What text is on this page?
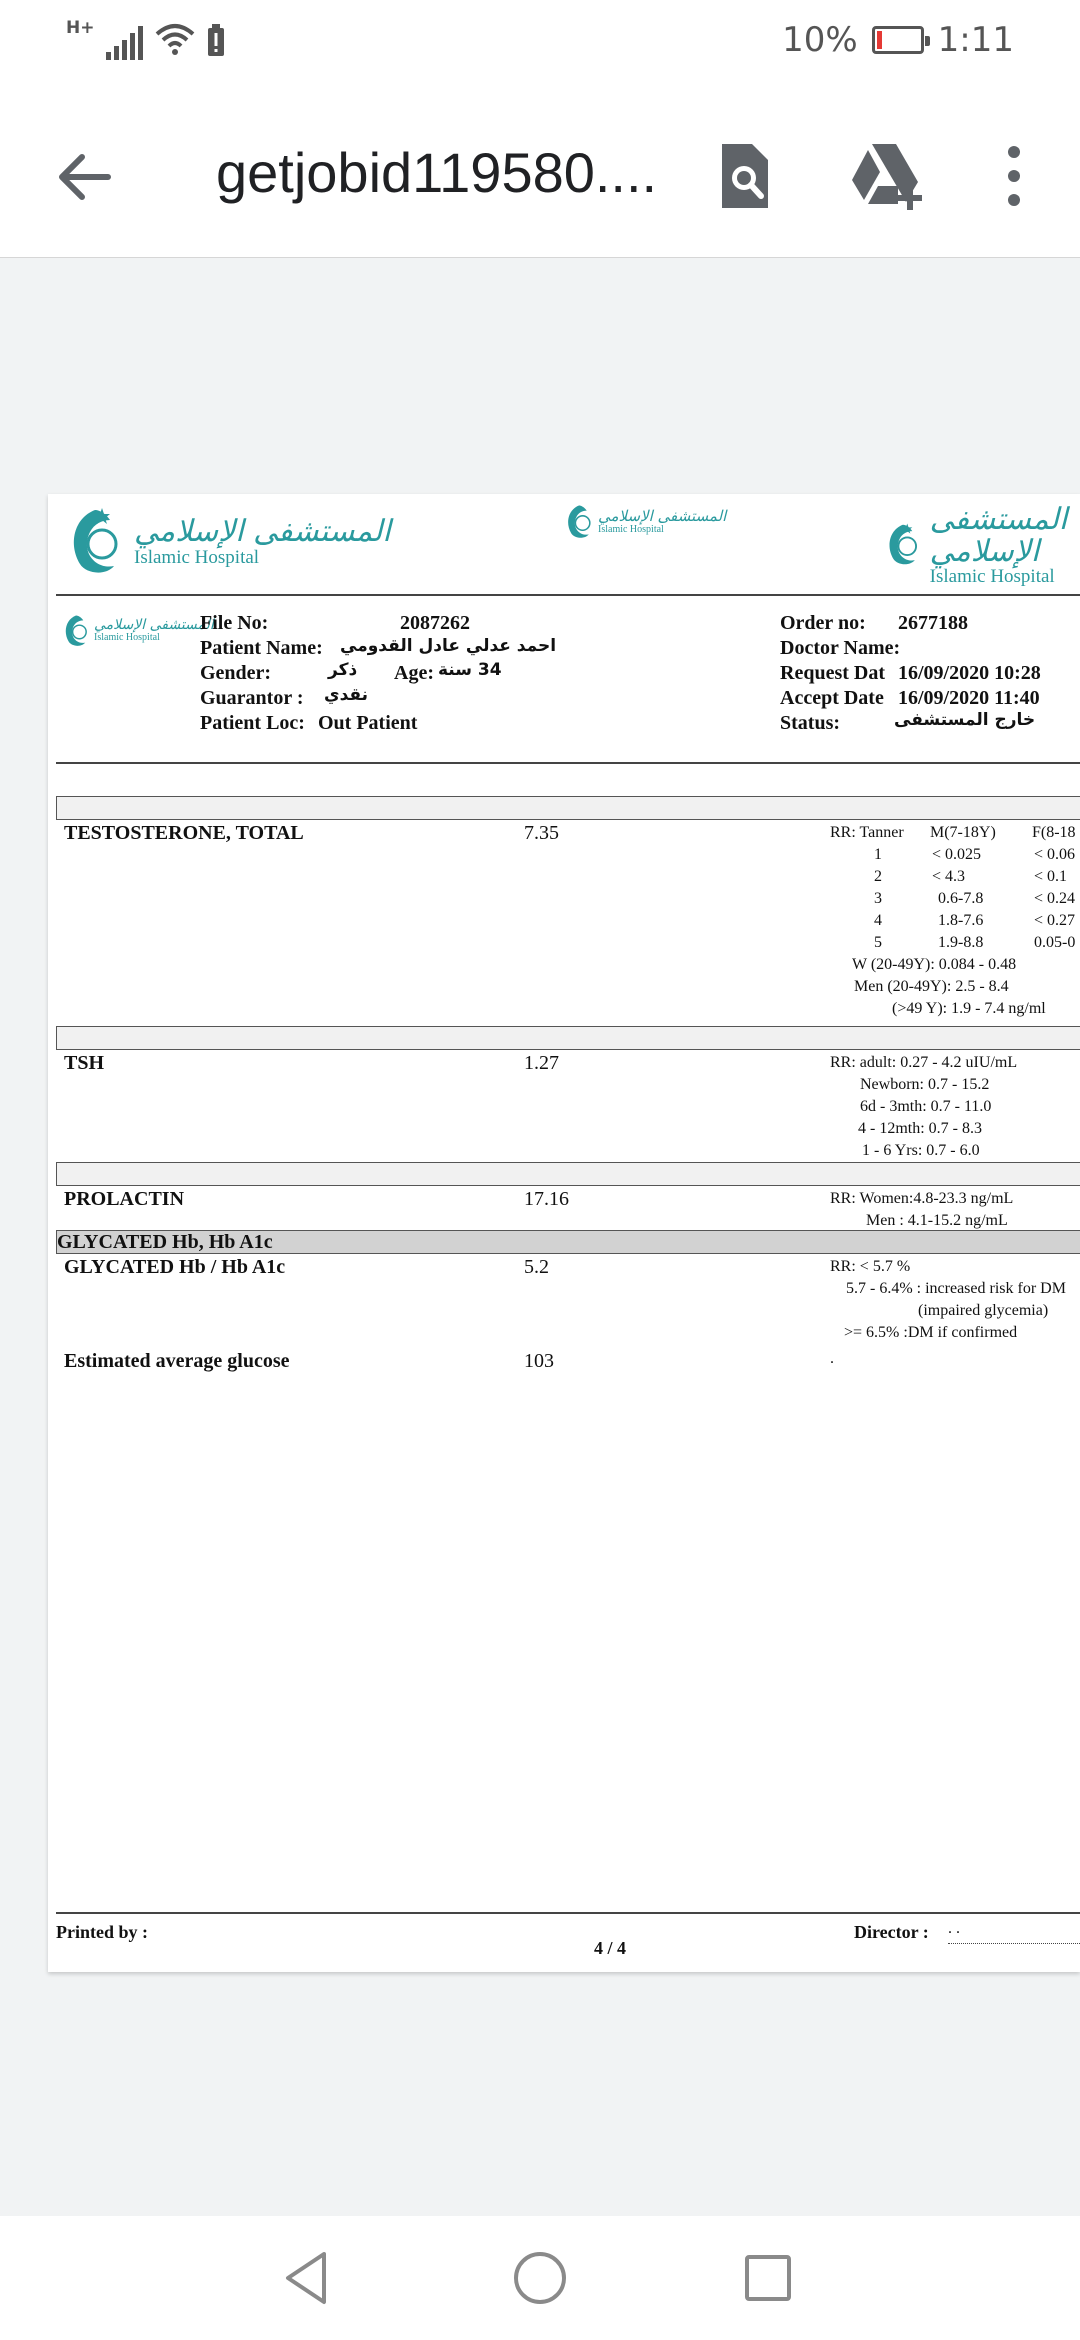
H+	10% 1:11
getjobid119580....
المستشفى الإسلامي
Islamic Hospital
المستشفى الإسلامي
Islamic Hospital	المستشفى الإسلامي
Islamic Hospital
المستشفى الإسلامي
Islamic Hospital
File No:	2087262
Patient Name: احمد عدلي عادل القدومي
Gender:	ذكر Age: 34 سنة
Guarantor : نقدي
Patient Loc: Out Patient
Order no: 2677188
Doctor Name:
Request Dat 16/09/2020 10:28
Accept Date 16/09/2020 11:40
Status:	خارج المستشفى
TESTOSTERONE, TOTAL	7.35	RR: Tanner M(7-18Y) F(8-18
1	< 0.025	< 0.06
2	< 4.3	< 0.1
3	0.6-7.8	< 0.24
4	1.8-7.6	< 0.27
5	1.9-8.8	0.05-0
W (20-49Y): 0.084 - 0.48
Men (20-49Y): 2.5 - 8.4
(>49 Y): 1.9 - 7.4 ng/ml
TSH	1.27	RR: adult: 0.27 - 4.2 uIU/mL
Newborn: 0.7 - 15.2
6d - 3mth: 0.7 - 11.0
4 - 12mth: 0.7 - 8.3
1 - 6 Yrs: 0.7 - 6.0
PROLACTIN	17.16	RR: Women:4.8-23.3 ng/mL
Men : 4.1-15.2 ng/mL
GLYCATED Hb, Hb A1c
GLYCATED Hb / Hb A1c	5.2	RR: < 5.7 %
5.7 - 6.4% : increased risk for DM
(impaired glycemia)
>= 6.5% :DM if confirmed
Estimated average glucose	103	.
Printed by :
4 / 4
Director : . .
